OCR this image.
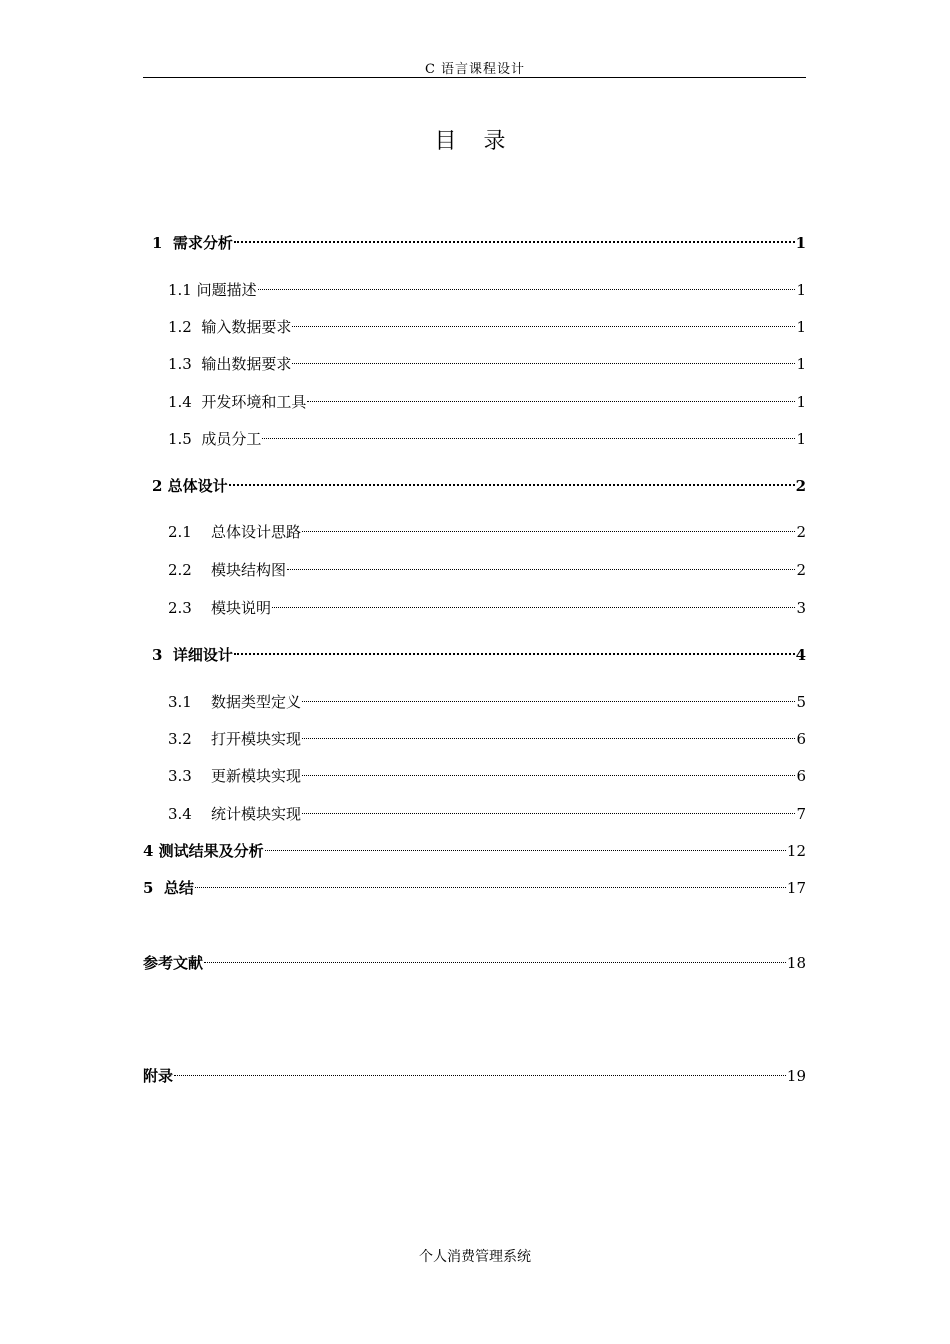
C 语言课程设计
目 录
1 需求分析	1
1.1 问题描述	1
1.2 输入数据要求	1
1.3 输出数据要求	1
1.4 开发环境和工具	1
1.5 成员分工	1
2 总体设计	2
2.1 总体设计思路	2
2.2 模块结构图	2
2.3 模块说明	3
3 详细设计	4
3.1 数据类型定义	5
3.2 打开模块实现	6
3.3 更新模块实现	6
3.4 统计模块实现	7
4 测试结果及分析	12
5 总结	17
参考文献	18
附录	19
个人消费管理系统
